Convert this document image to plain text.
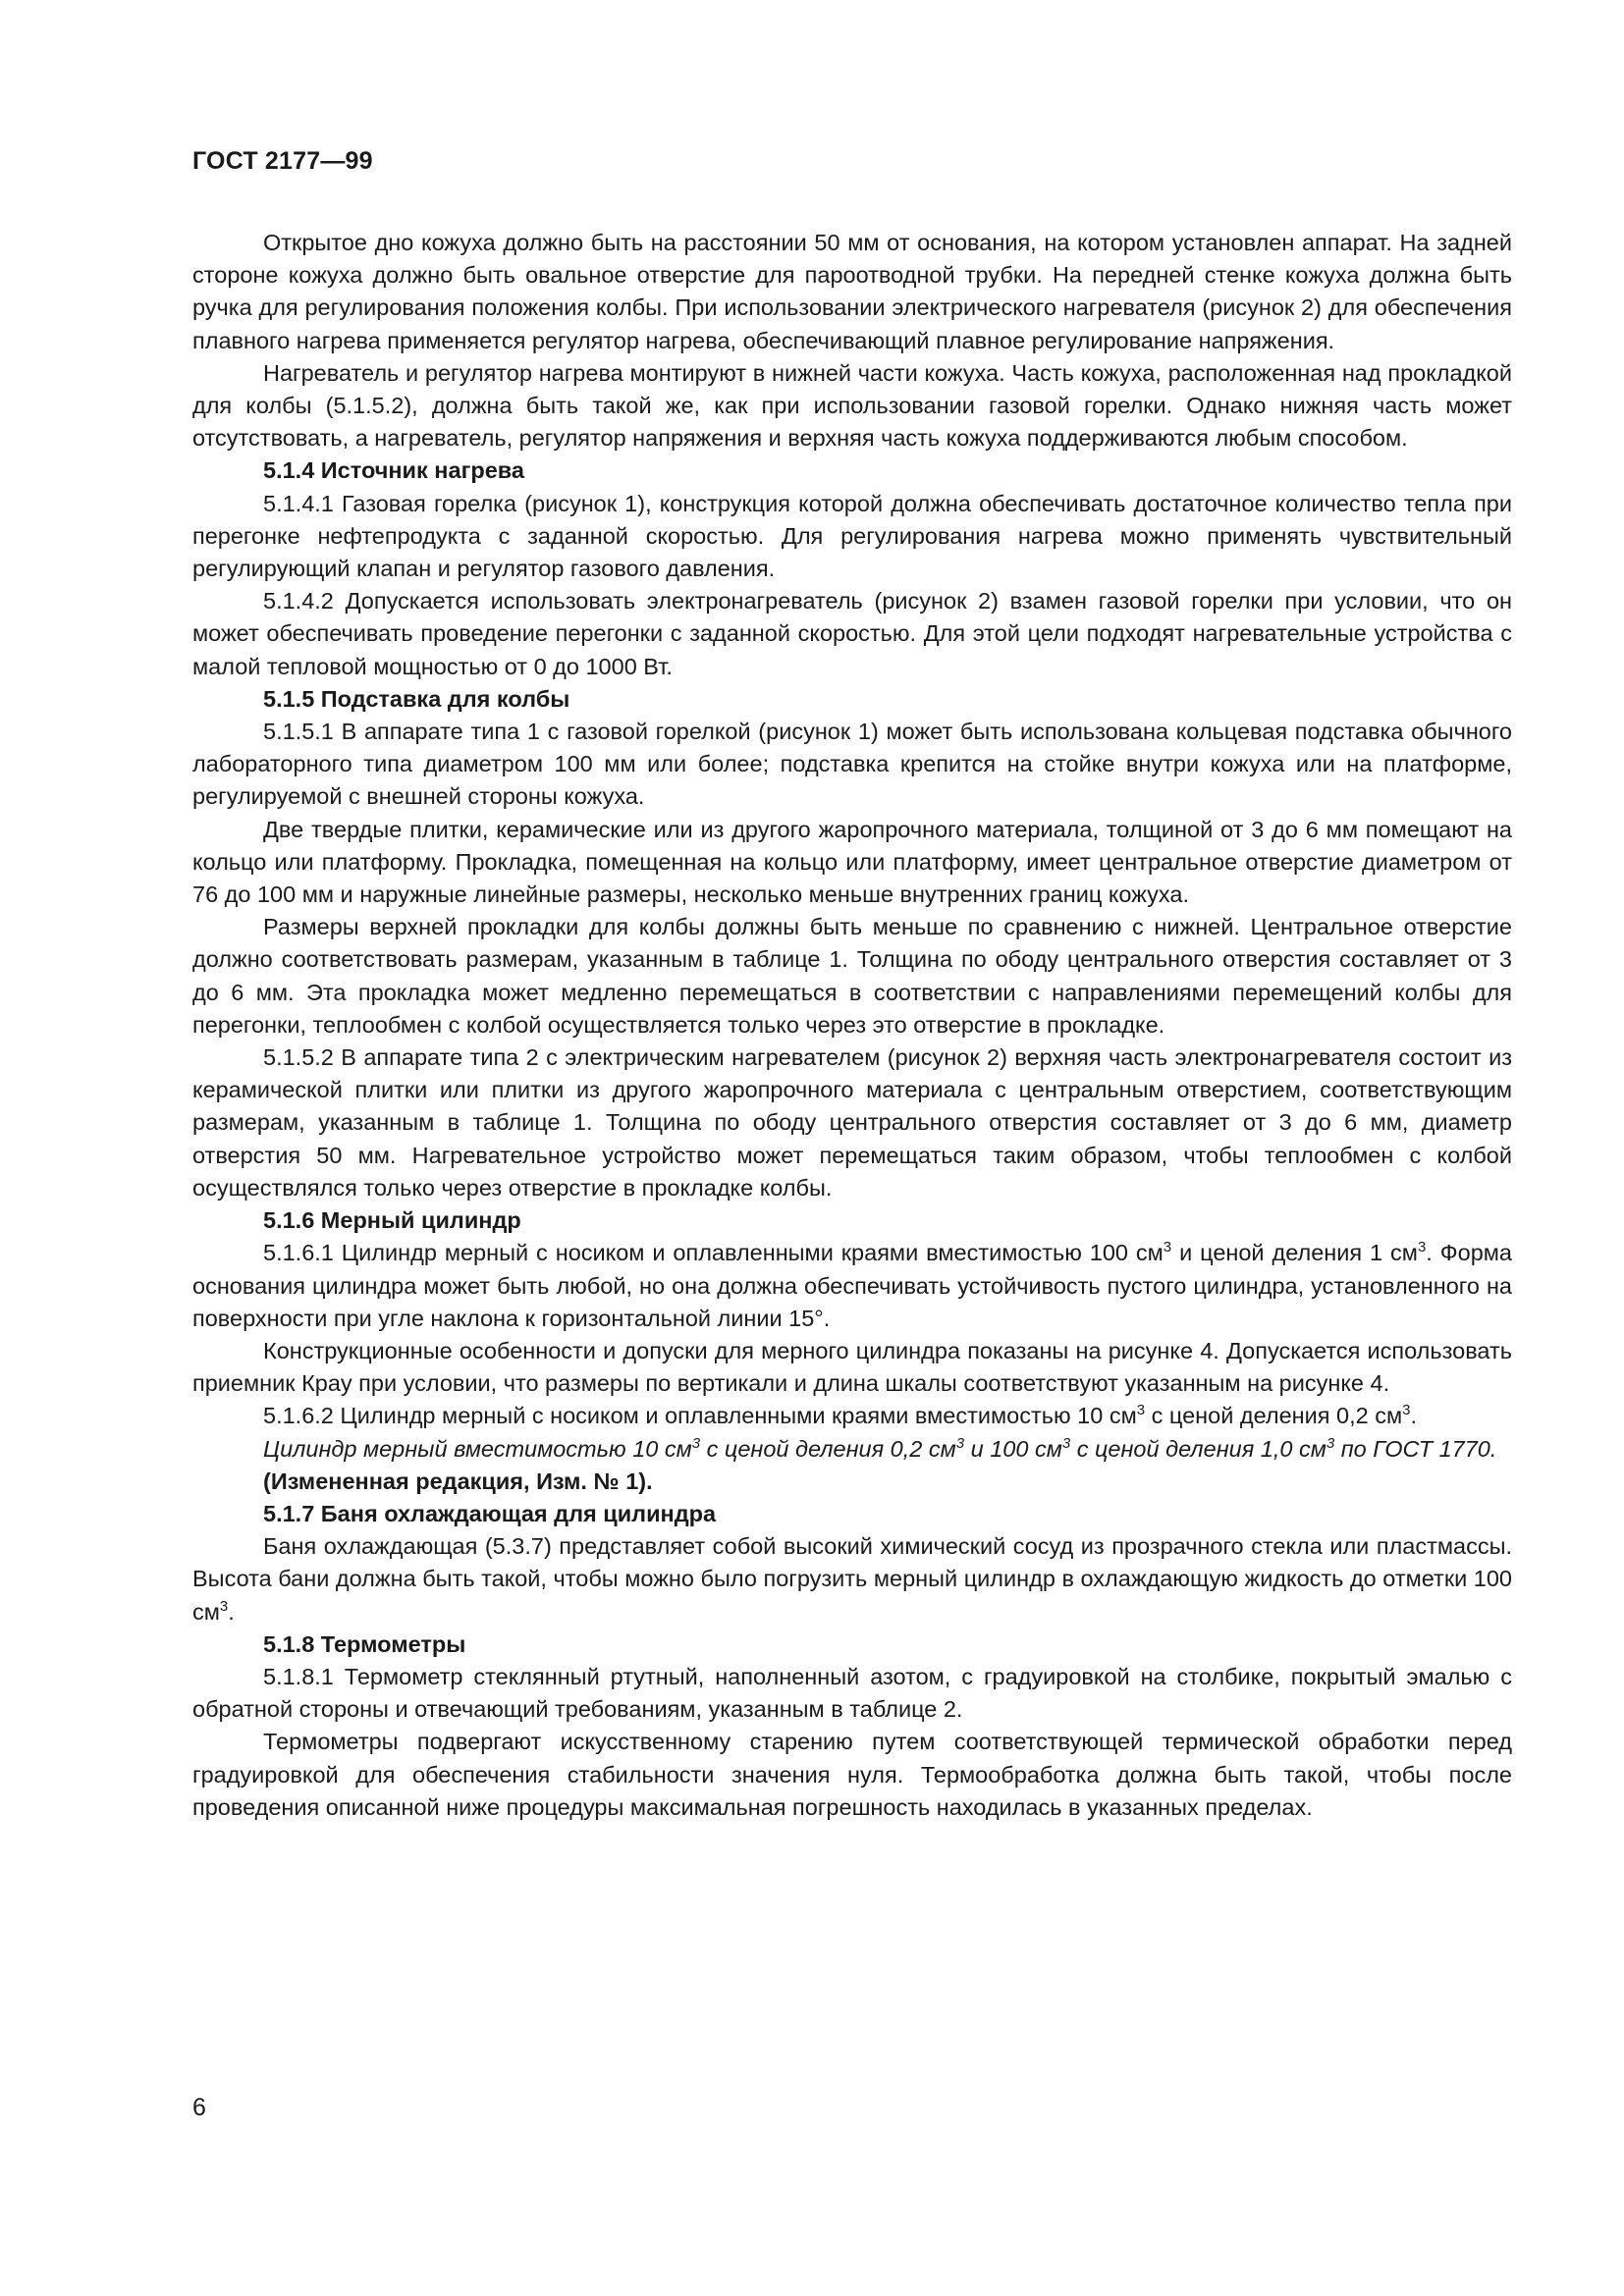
ГОСТ 2177—99

Открытое дно кожуха должно быть на расстоянии 50 мм от основания, на котором установлен аппарат. На задней стороне кожуха должно быть овальное отверстие для пароотводной трубки. На передней стенке кожуха должна быть ручка для регулирования положения колбы. При использовании электрического нагревателя (рисунок 2) для обеспечения плавного нагрева применяется регулятор нагрева, обеспечивающий плавное регулирование напряжения.

Нагреватель и регулятор нагрева монтируют в нижней части кожуха. Часть кожуха, расположенная над прокладкой для колбы (5.1.5.2), должна быть такой же, как при использовании газовой горелки. Однако нижняя часть может отсутствовать, а нагреватель, регулятор напряжения и верхняя часть кожуха поддерживаются любым способом.

5.1.4 Источник нагрева

5.1.4.1 Газовая горелка (рисунок 1), конструкция которой должна обеспечивать достаточное количество тепла при перегонке нефтепродукта с заданной скоростью. Для регулирования нагрева можно применять чувствительный регулирующий клапан и регулятор газового давления.

5.1.4.2 Допускается использовать электронагреватель (рисунок 2) взамен газовой горелки при условии, что он может обеспечивать проведение перегонки с заданной скоростью. Для этой цели подходят нагревательные устройства с малой тепловой мощностью от 0 до 1000 Вт.

5.1.5 Подставка для колбы

5.1.5.1 В аппарате типа 1 с газовой горелкой (рисунок 1) может быть использована кольцевая подставка обычного лабораторного типа диаметром 100 мм или более; подставка крепится на стойке внутри кожуха или на платформе, регулируемой с внешней стороны кожуха.

Две твердые плитки, керамические или из другого жаропрочного материала, толщиной от 3 до 6 мм помещают на кольцо или платформу. Прокладка, помещенная на кольцо или платформу, имеет центральное отверстие диаметром от 76 до 100 мм и наружные линейные размеры, несколько меньше внутренних границ кожуха.

Размеры верхней прокладки для колбы должны быть меньше по сравнению с нижней. Центральное отверстие должно соответствовать размерам, указанным в таблице 1. Толщина по ободу центрального отверстия составляет от 3 до 6 мм. Эта прокладка может медленно перемещаться в соответствии с направлениями перемещений колбы для перегонки, теплообмен с колбой осуществляется только через это отверстие в прокладке.

5.1.5.2 В аппарате типа 2 с электрическим нагревателем (рисунок 2) верхняя часть электронагревателя состоит из керамической плитки или плитки из другого жаропрочного материала с центральным отверстием, соответствующим размерам, указанным в таблице 1. Толщина по ободу центрального отверстия составляет от 3 до 6 мм, диаметр отверстия 50 мм. Нагревательное устройство может перемещаться таким образом, чтобы теплообмен с колбой осуществлялся только через отверстие в прокладке колбы.

5.1.6 Мерный цилиндр

5.1.6.1 Цилиндр мерный с носиком и оплавленными краями вместимостью 100 $см^3$ и ценой деления 1 $см^3$. Форма основания цилиндра может быть любой, но она должна обеспечивать устойчивость пустого цилиндра, установленного на поверхности при угле наклона к горизонтальной линии 15°.

Конструкционные особенности и допуски для мерного цилиндра показаны на рисунке 4. Допускается использовать приемник Краy при условии, что размеры по вертикали и длина шкалы соответствуют указанным на рисунке 4.

5.1.6.2 Цилиндр мерный с носиком и оплавленными краями вместимостью 10 $см^3$ с ценой деления 0,2 $см^3$.

Цилиндр мерный вместимостью 10 $см^3$ с ценой деления 0,2 $см^3$ и 100 $см^3$ с ценой деления 1,0 $см^3$ по ГОСТ 1770.

(Измененная редакция, Изм. № 1).

5.1.7 Баня охлаждающая для цилиндра

Баня охлаждающая (5.3.7) представляет собой высокий химический сосуд из прозрачного стекла или пластмассы. Высота бани должна быть такой, чтобы можно было погрузить мерный цилиндр в охлаждающую жидкость до отметки 100 $см^3$.

5.1.8 Термометры

5.1.8.1 Термометр стеклянный ртутный, наполненный азотом, с градуировкой на столбике, покрытый эмалью с обратной стороны и отвечающий требованиям, указанным в таблице 2.

Термометры подвергают искусственному старению путем соответствующей термической обработки перед градуировкой для обеспечения стабильности значения нуля. Термообработка должна быть такой, чтобы после проведения описанной ниже процедуры максимальная погрешность находилась в указанных пределах.

6
